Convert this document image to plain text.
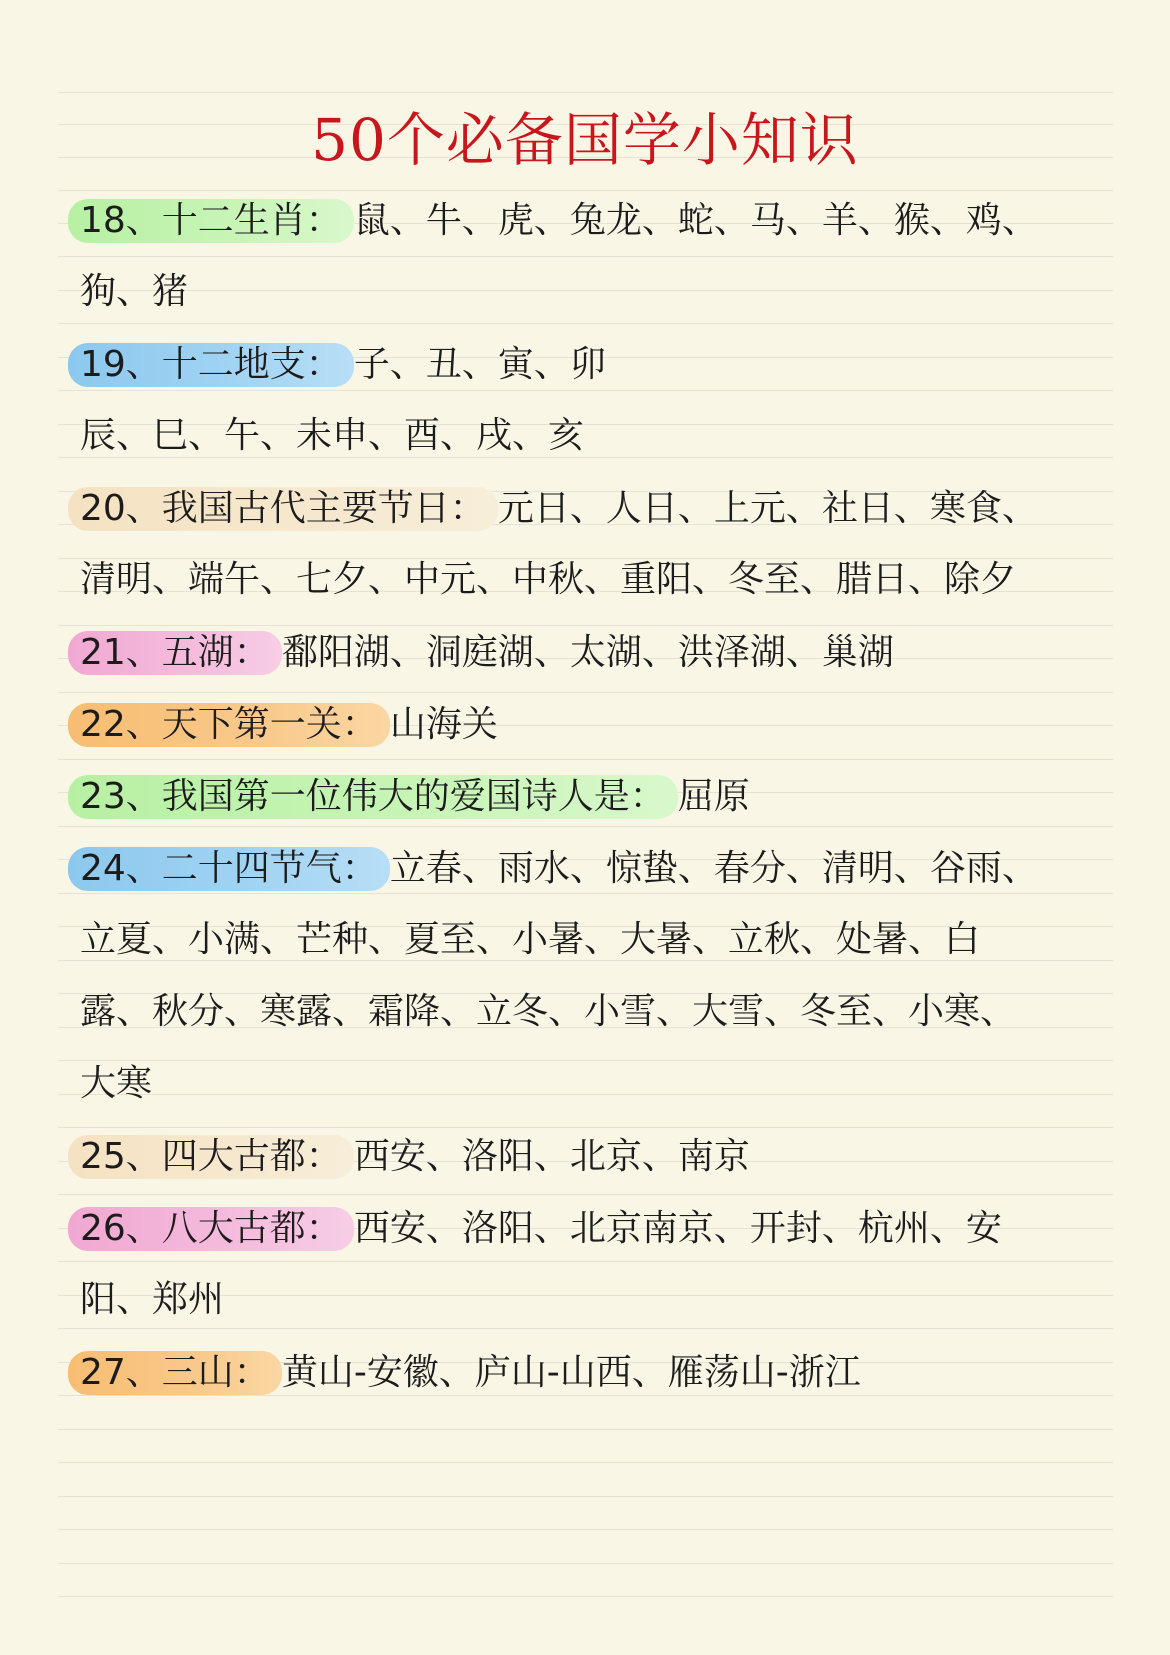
50个必备国学小知识
18、十二生肖： 鼠、牛、虎、兔龙、蛇、马、羊、猴、鸡、
狗、猪
19、十二地支： 子、丑、寅、卯
辰、巳、午、未申、酉、戌、亥
20、我国古代主要节日： 元日、人日、上元、社日、寒食、
清明、端午、七夕、中元、中秋、重阳、冬至、腊日、除夕
21、五湖： 鄱阳湖、洞庭湖、太湖、洪泽湖、巢湖
22、天下第一关： 山海关
23、我国第一位伟大的爱国诗人是： 屈原
24、二十四节气： 立春、雨水、惊蛰、春分、清明、谷雨、
立夏、小满、芒种、夏至、小暑、大暑、立秋、处暑、白
露、秋分、寒露、霜降、立冬、小雪、大雪、冬至、小寒、
大寒
25、四大古都： 西安、洛阳、北京、南京
26、八大古都： 西安、洛阳、北京南京、开封、杭州、安
阳、郑州
27、三山： 黄山-安徽、庐山-山西、雁荡山-浙江
